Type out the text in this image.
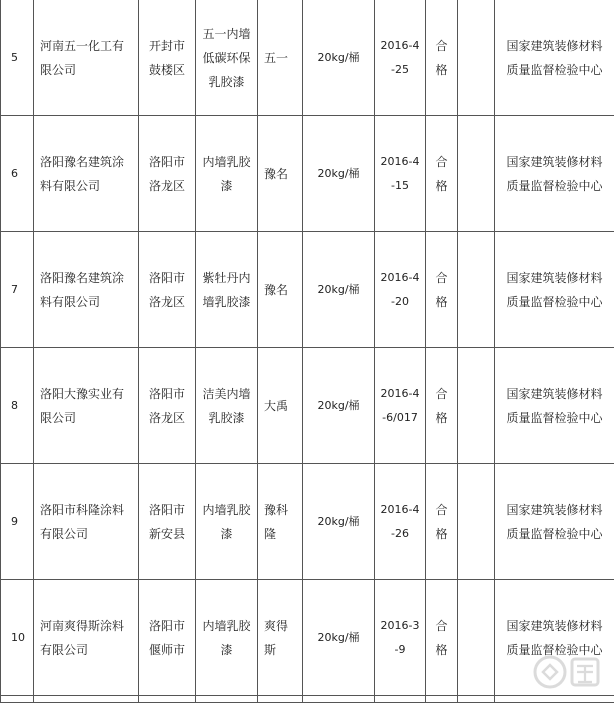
5	河南五一化工有限公司	开封市鼓楼区	五一内墙低碳环保乳胶漆	五一	20kg/桶	2016-4-25	合格		国家建筑装修材料质量监督检验中心
6	洛阳豫名建筑涂料有限公司	洛阳市洛龙区	内墙乳胶漆	豫名	20kg/桶	2016-4-15	合格		国家建筑装修材料质量监督检验中心
7	洛阳豫名建筑涂料有限公司	洛阳市洛龙区	紫牡丹内墙乳胶漆	豫名	20kg/桶	2016-4-20	合格		国家建筑装修材料质量监督检验中心
8	洛阳大豫实业有限公司	洛阳市洛龙区	洁美内墙乳胶漆	大禹	20kg/桶	2016-4-6/017	合格		国家建筑装修材料质量监督检验中心
9	洛阳市科隆涂料有限公司	洛阳市新安县	内墙乳胶漆	豫科隆	20kg/桶	2016-4-26	合格		国家建筑装修材料质量监督检验中心
10	河南爽得斯涂料有限公司	洛阳市偃师市	内墙乳胶漆	爽得斯	20kg/桶	2016-3-9	合格		国家建筑装修材料质量监督检验中心
